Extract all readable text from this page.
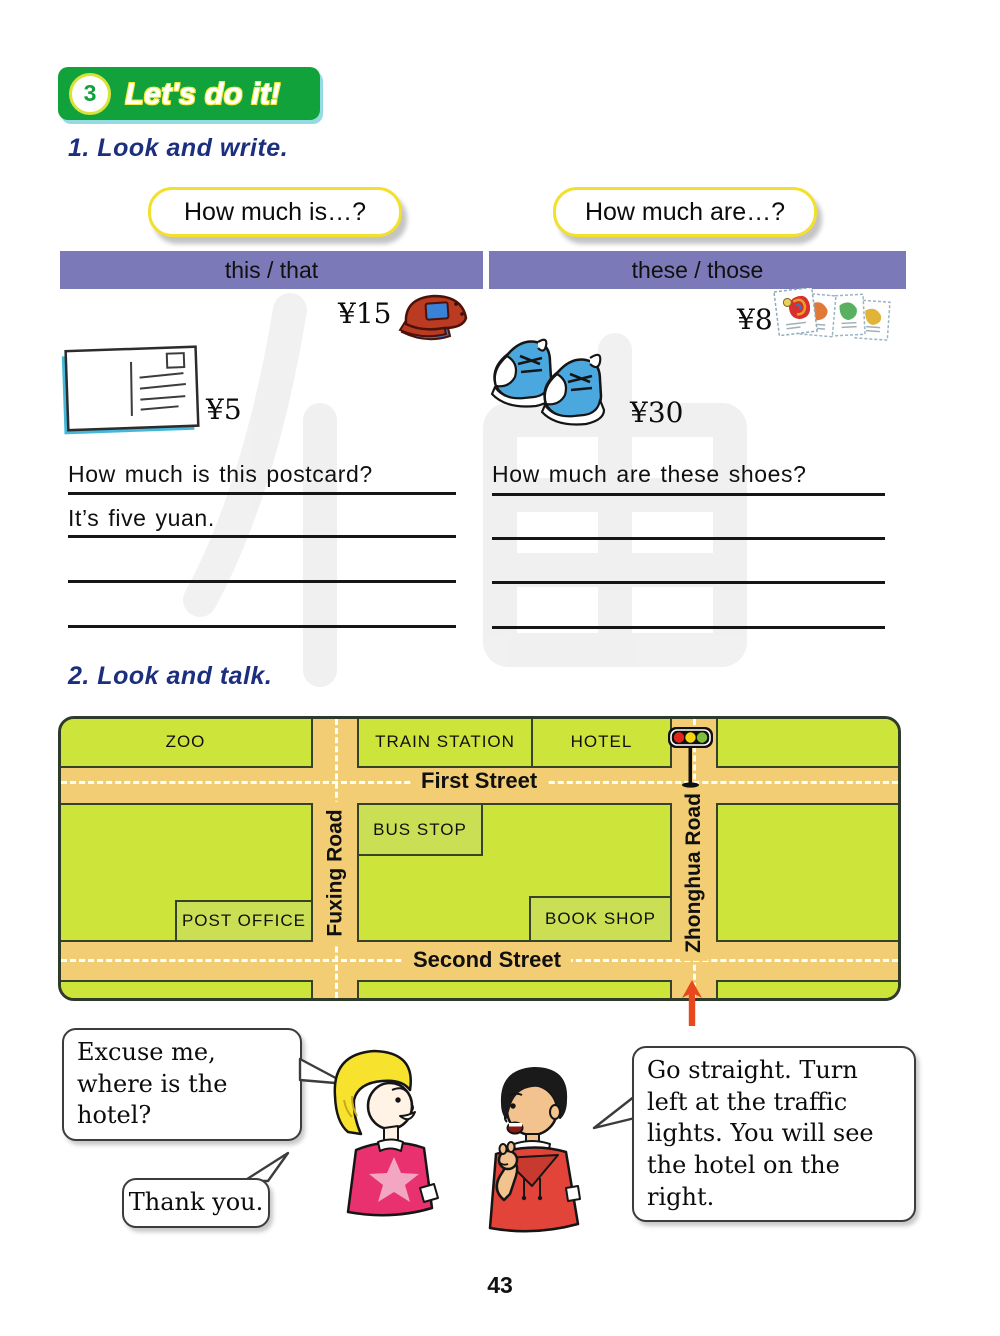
3 Let's do it!
1. Look and write.
How much is…?	How much are…?
this / that	these / those
¥15	¥8
¥5	¥30
How much is this postcard?
It’s five yuan.
How much are these shoes?
2. Look and talk.
ZOO	TRAIN STATION	HOTEL
BUS STOP
BOOK SHOP
POST OFFICE
First Street
Second Street
Fuxing Road	Zhonghua Road
Excuse me, where is the hotel?
Thank you.
Go straight. Turn left at the traffic lights. You will see the hotel on the right.
43
